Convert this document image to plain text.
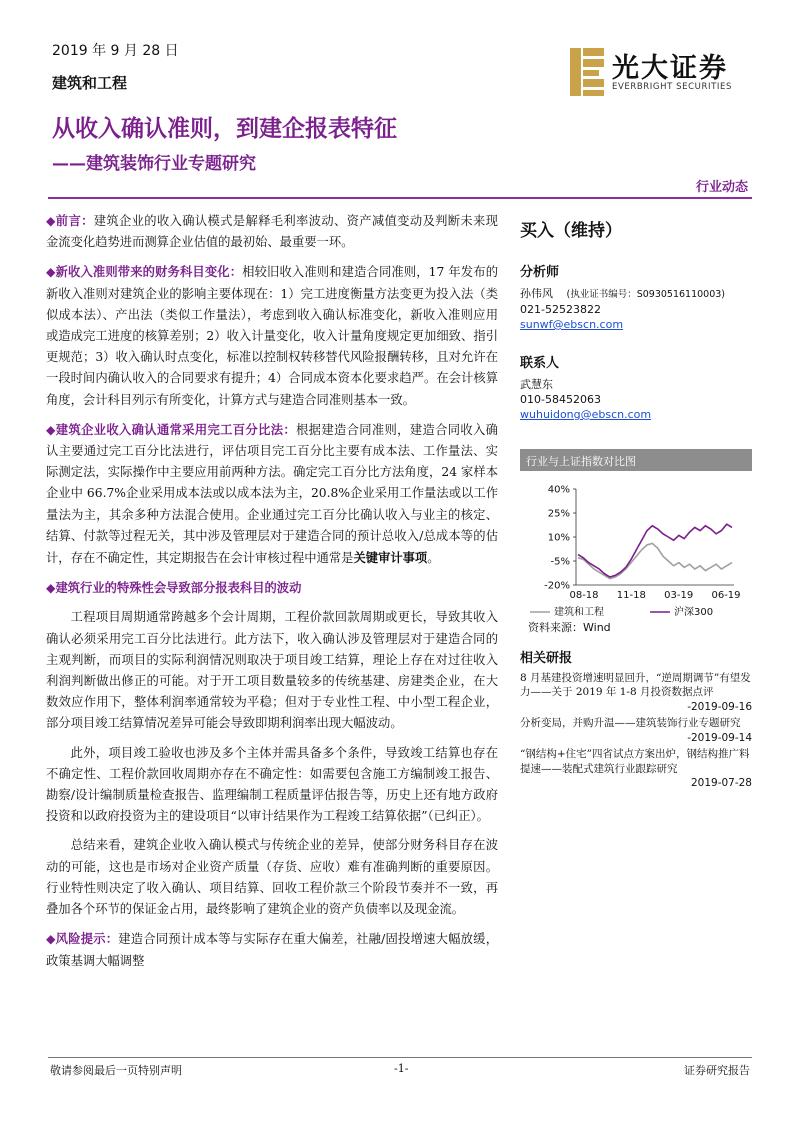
2019 年 9 月 28 日
建筑和工程
从收入确认准则，到建企报表特征
——建筑装饰行业专题研究
行业动态
光大证券
EVERBRIGHT SECURITIES

◆前言：建筑企业的收入确认模式是解释毛利率波动、资产减值变动及判断未来现金流变化趋势进而测算企业估值的最初始、最重要一环。

◆新收入准则带来的财务科目变化：相较旧收入准则和建造合同准则，17 年发布的新收入准则对建筑企业的影响主要体现在：1）完工进度衡量方法变更为投入法（类似成本法）、产出法（类似工作量法），考虑到收入确认标准变化，新收入准则应用或造成完工进度的核算差别；2）收入计量变化，收入计量角度规定更加细致、指引更规范；3）收入确认时点变化，标准以控制权转移替代风险报酬转移，且对允许在一段时间内确认收入的合同要求有提升；4）合同成本资本化要求趋严。在会计核算角度，会计科目列示有所变化，计算方式与建造合同准则基本一致。

◆建筑企业收入确认通常采用完工百分比法：根据建造合同准则，建造合同收入确认主要通过完工百分比法进行，评估项目完工百分比主要有成本法、工作量法、实际测定法，实际操作中主要应用前两种方法。确定完工百分比方法角度，24 家样本企业中 66.7%企业采用成本法或以成本法为主，20.8%企业采用工作量法或以工作量法为主，其余多种方法混合使用。企业通过完工百分比确认收入与业主的核定、结算、付款等过程无关，其中涉及管理层对于建造合同的预计总收入/总成本等的估计，存在不确定性，其定期报告在会计审核过程中通常是关键审计事项。

◆建筑行业的特殊性会导致部分报表科目的波动

工程项目周期通常跨越多个会计周期，工程价款回款周期或更长，导致其收入确认必须采用完工百分比法进行。此方法下，收入确认涉及管理层对于建造合同的主观判断，而项目的实际利润情况则取决于项目竣工结算，理论上存在对过往收入利润判断做出修正的可能。对于开工项目数量较多的传统基建、房建类企业，在大数效应作用下，整体利润率通常较为平稳；但对于专业性工程、中小型工程企业，部分项目竣工结算情况差异可能会导致即期利润率出现大幅波动。

此外，项目竣工验收也涉及多个主体并需具备多个条件，导致竣工结算也存在不确定性、工程价款回收周期亦存在不确定性：如需要包含施工方编制竣工报告、勘察/设计编制质量检查报告、监理编制工程质量评估报告等，历史上还有地方政府投资和以政府投资为主的建设项目“以审计结果作为工程竣工结算依据”（已纠正）。

总结来看，建筑企业收入确认模式与传统企业的差异，使部分财务科目存在波动的可能，这也是市场对企业资产质量（存货、应收）难有准确判断的重要原因。行业特性则决定了收入确认、项目结算、回收工程价款三个阶段节奏并不一致，再叠加各个环节的保证金占用，最终影响了建筑企业的资产负债率以及现金流。

◆风险提示：建造合同预计成本等与实际存在重大偏差，社融/固投增速大幅放缓，政策基调大幅调整

买入（维持）
分析师
孙伟风 (执业证书编号：S0930516110003)
021-52523822
sunwf@ebscn.com
联系人
武慧东
010-58452063
wuhuidong@ebscn.com
行业与上证指数对比图
40%
25%
10%
-5%
-20%
08-18 11-18 03-19 06-19
建筑和工程	沪深300
资料来源：Wind
相关研报
8 月基建投资增速明显回升，“逆周期调节”有望发力——关于 2019 年 1-8 月投资数据点评
-2019-09-16
分析变局，并购升温——建筑装饰行业专题研究
-2019-09-14
“钢结构+住宅”四省试点方案出炉，钢结构推广料提速——装配式建筑行业跟踪研究
2019-07-28
敬请参阅最后一页特别声明	-1-	证券研究报告
